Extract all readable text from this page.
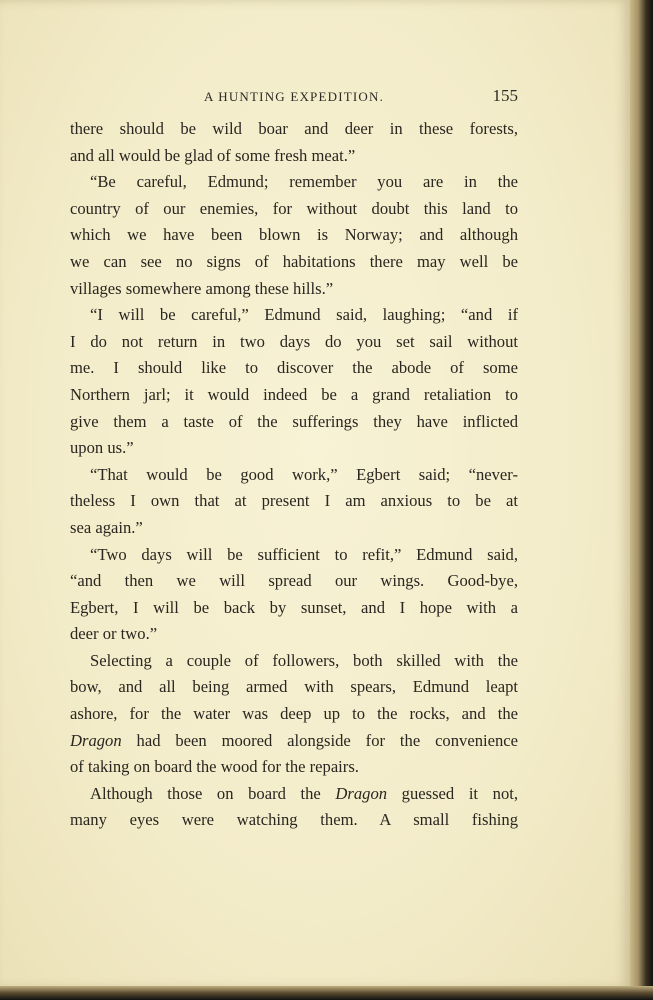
A HUNTING EXPEDITION.	155
there should be wild boar and deer in these forests,
and all would be glad of some fresh meat.”
“Be careful, Edmund; remember you are in the
country of our enemies, for without doubt this land to
which we have been blown is Norway; and although
we can see no signs of habitations there may well be
villages somewhere among these hills.”
“I will be careful,” Edmund said, laughing; “and if
I do not return in two days do you set sail without
me. I should like to discover the abode of some
Northern jarl; it would indeed be a grand retaliation to
give them a taste of the sufferings they have inflicted
upon us.”
“That would be good work,” Egbert said; “never-
theless I own that at present I am anxious to be at
sea again.”
“Two days will be sufficient to refit,” Edmund said,
“and then we will spread our wings. Good-bye,
Egbert, I will be back by sunset, and I hope with a
deer or two.”
Selecting a couple of followers, both skilled with the
bow, and all being armed with spears, Edmund leapt
ashore, for the water was deep up to the rocks, and the
Dragon had been moored alongside for the convenience
of taking on board the wood for the repairs.
Although those on board the Dragon guessed it not,
many eyes were watching them. A small fishing
